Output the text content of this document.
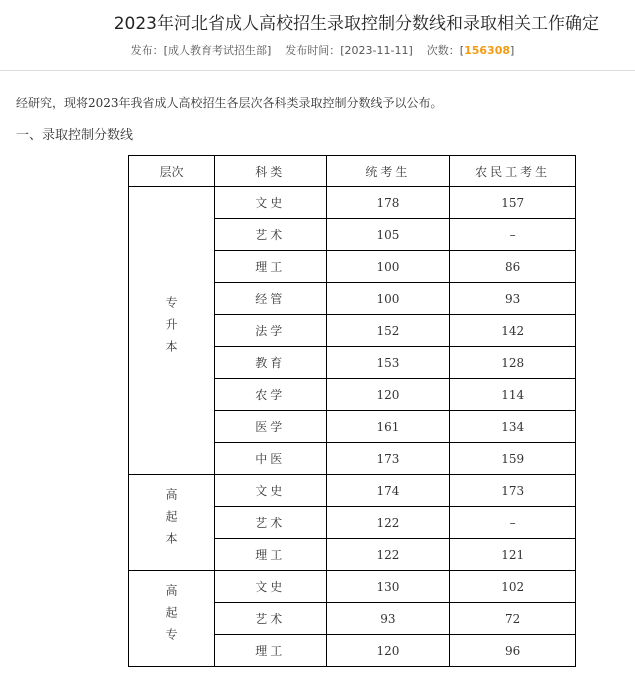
2023年河北省成人高校招生录取控制分数线和录取相关工作确定
发布：[成人教育考试招生部] 发布时间：[2023-11-11] 次数：[156308]
经研究，现将2023年我省成人高校招生各层次各科类录取控制分数线予以公布。
一、录取控制分数线
层次	科类	统考生	农民工考生
专升本	文史	178	157
	艺术	105	–
	理工	100	86
	经管	100	93
	法学	152	142
	教育	153	128
	农学	120	114
	医学	161	134
	中医	173	159
高起本	文史	174	173
	艺术	122	–
	理工	122	121
高起专	文史	130	102
	艺术	93	72
	理工	120	96
